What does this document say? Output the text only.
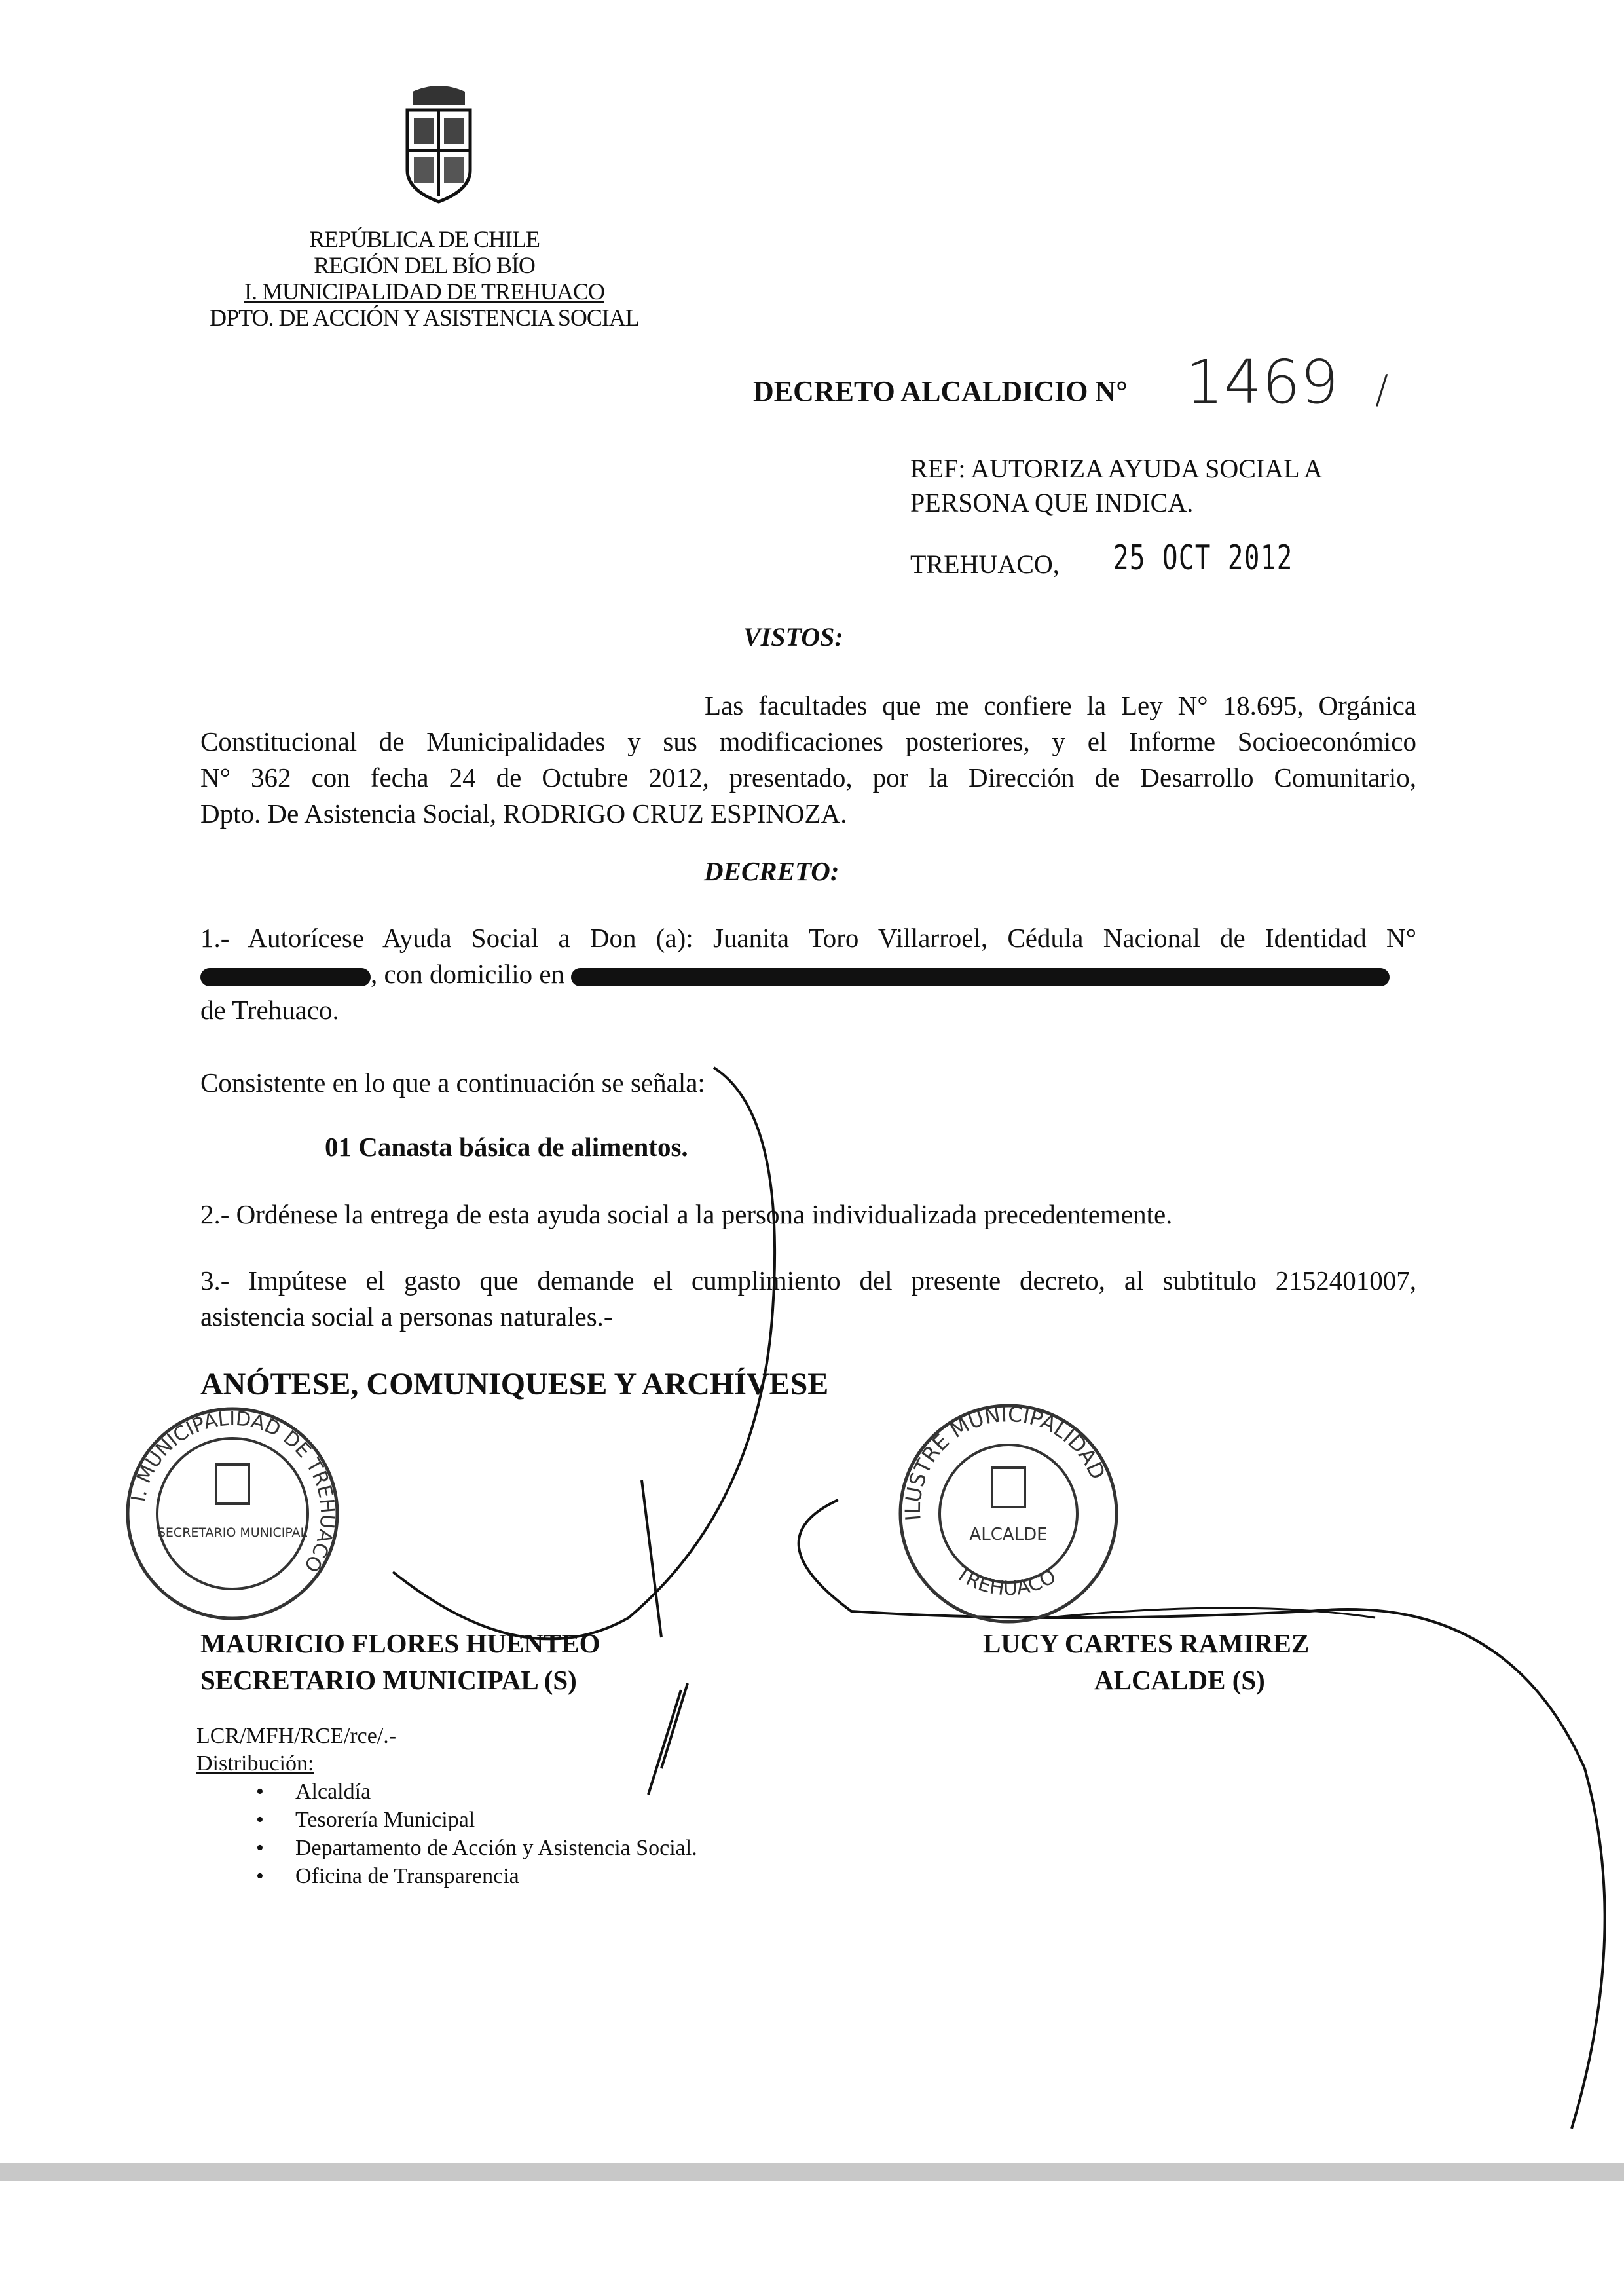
REPÚBLICA DE CHILE
REGIÓN DEL BÍO BÍO
I. MUNICIPALIDAD DE TREHUACO
DPTO. DE ACCIÓN Y ASISTENCIA SOCIAL
DECRETO ALCALDICIO N° 1469 /
REF: AUTORIZA AYUDA SOCIAL A
PERSONA QUE INDICA.
TREHUACO, 25 OCT 2012
VISTOS:
Las facultades que me confiere la Ley N° 18.695, Orgánica
Constitucional de Municipalidades y sus modificaciones posteriores, y el Informe Socioeconómico
N° 362 con fecha 24 de Octubre 2012, presentado, por la Dirección de Desarrollo Comunitario,
Dpto. De Asistencia Social, RODRIGO CRUZ ESPINOZA.
DECRETO:
1.- Autorícese Ayuda Social a Don (a): Juanita Toro Villarroel, Cédula Nacional de Identidad N°
, con domicilio en
de Trehuaco.
Consistente en lo que a continuación se señala:
01 Canasta básica de alimentos.
2.- Ordénese la entrega de esta ayuda social a la persona individualizada precedentemente.
3.- Impútese el gasto que demande el cumplimiento del presente decreto, al subtitulo 2152401007,
asistencia social a personas naturales.-
ANÓTESE, COMUNIQUESE Y ARCHÍVESE
I. MUNICIPALIDAD DE TREHUACO
SECRETARIO MUNICIPAL
ILUSTRE MUNICIPALIDAD
TREHUACO
ALCALDE
MAURICIO FLORES HUENTEO
SECRETARIO MUNICIPAL (S)
LUCY CARTES RAMIREZ
ALCALDE (S)
LCR/MFH/RCE/rce/.-
Distribución:
• Alcaldía
• Tesorería Municipal
• Departamento de Acción y Asistencia Social.
• Oficina de Transparencia
